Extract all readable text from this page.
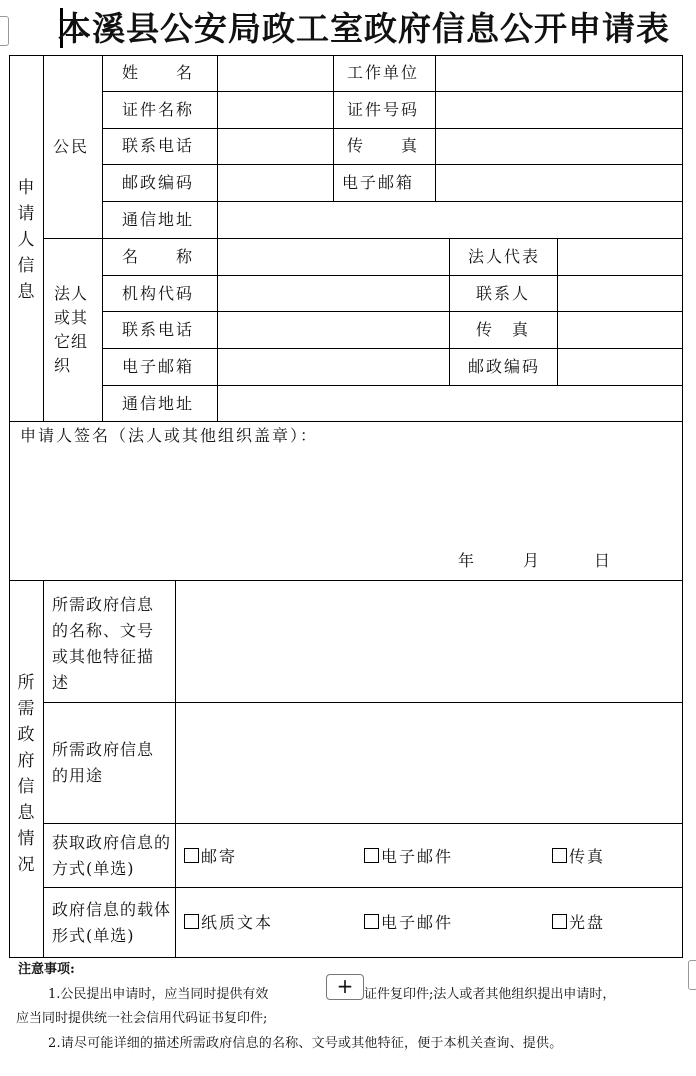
本溪县公安局政工室政府信息公开申请表
申请人信息
公民
姓　　名	工作单位
证件名称	证件号码
联系电话	传　　真
邮政编码	电子邮箱
通信地址
法人或其它组织
名　　称	法人代表
机构代码	联系人
联系电话	传　真
电子邮箱	邮政编码
通信地址
申请人签名（法人或其他组织盖章）：
年	月	日
所需政府信息情况
所需政府信息的名称、文号或其他特征描述
所需政府信息的用途
获取政府信息的方式(单选)
邮寄	电子邮件	传真
政府信息的载体形式(单选)
纸质文本	电子邮件	光盘
注意事项:
1.公民提出申请时，应当同时提供有效	证件复印件;法人或者其他组织提出申请时，
应当同时提供统一社会信用代码证书复印件;
2.请尽可能详细的描述所需政府信息的名称、文号或其他特征，便于本机关查询、提供。
+
